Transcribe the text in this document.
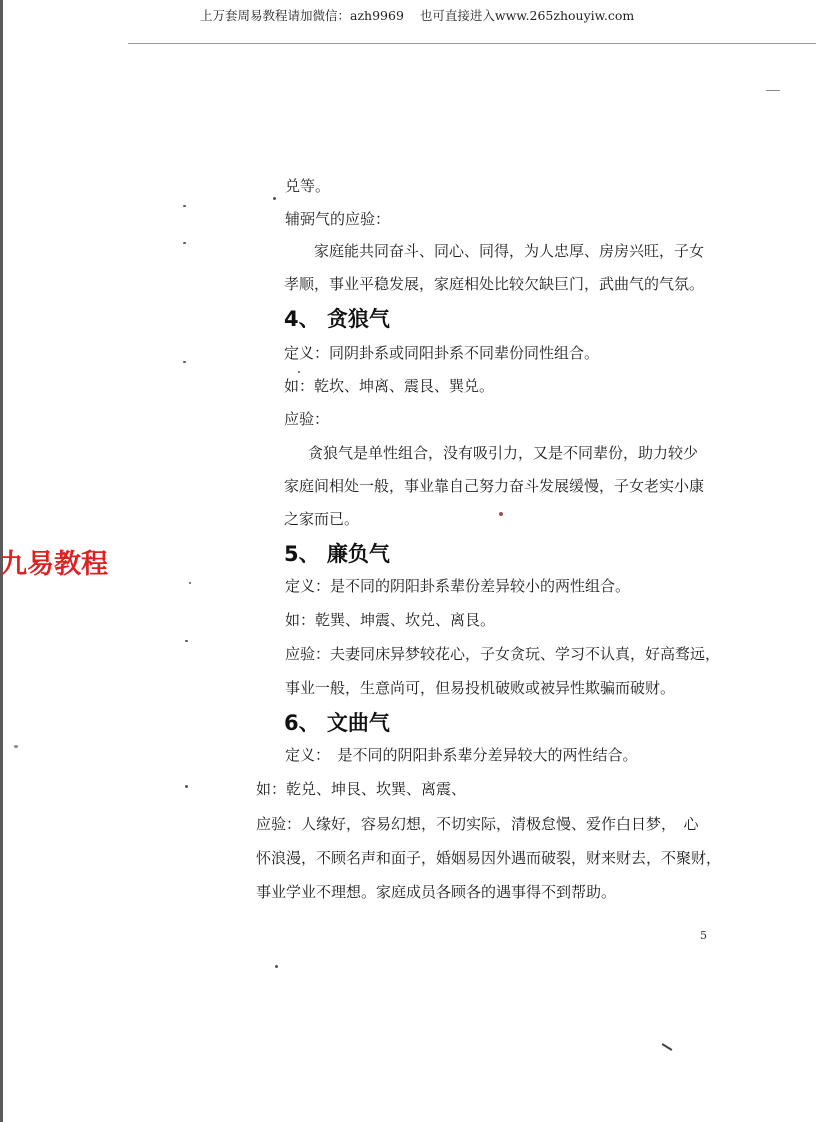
上万套周易教程请加微信：azh9969 也可直接进入www.265zhouyiw.com
九易教程
兑等。
辅弼气的应验：
家庭能共同奋斗、同心、同得，为人忠厚、房房兴旺，子女
孝顺，事业平稳发展，家庭相处比较欠缺巨门，武曲气的气氛。
4、 贪狼气
定义：同阴卦系或同阳卦系不同辈份同性组合。
如：乾坎、坤离、震艮、巽兑。
应验：
贪狼气是单性组合，没有吸引力，又是不同辈份，助力较少
家庭间相处一般，事业靠自己努力奋斗发展缓慢，子女老实小康
之家而已。
5、 廉负气
定义：是不同的阴阳卦系辈份差异较小的两性组合。
如：乾巽、坤震、坎兑、离艮。
应验：夫妻同床异梦较花心，子女贪玩、学习不认真，好高骛远，
事业一般，生意尚可，但易投机破败或被异性欺骗而破财。
6、 文曲气
定义：　是不同的阴阳卦系辈分差异较大的两性结合。
如：乾兑、坤艮、坎巽、离震、
应验：人缘好，容易幻想，不切实际，清极怠慢、爱作白日梦，　心
怀浪漫，不顾名声和面子，婚姻易因外遇而破裂，财来财去，不聚财，
事业学业不理想。家庭成员各顾各的遇事得不到帮助。
5
